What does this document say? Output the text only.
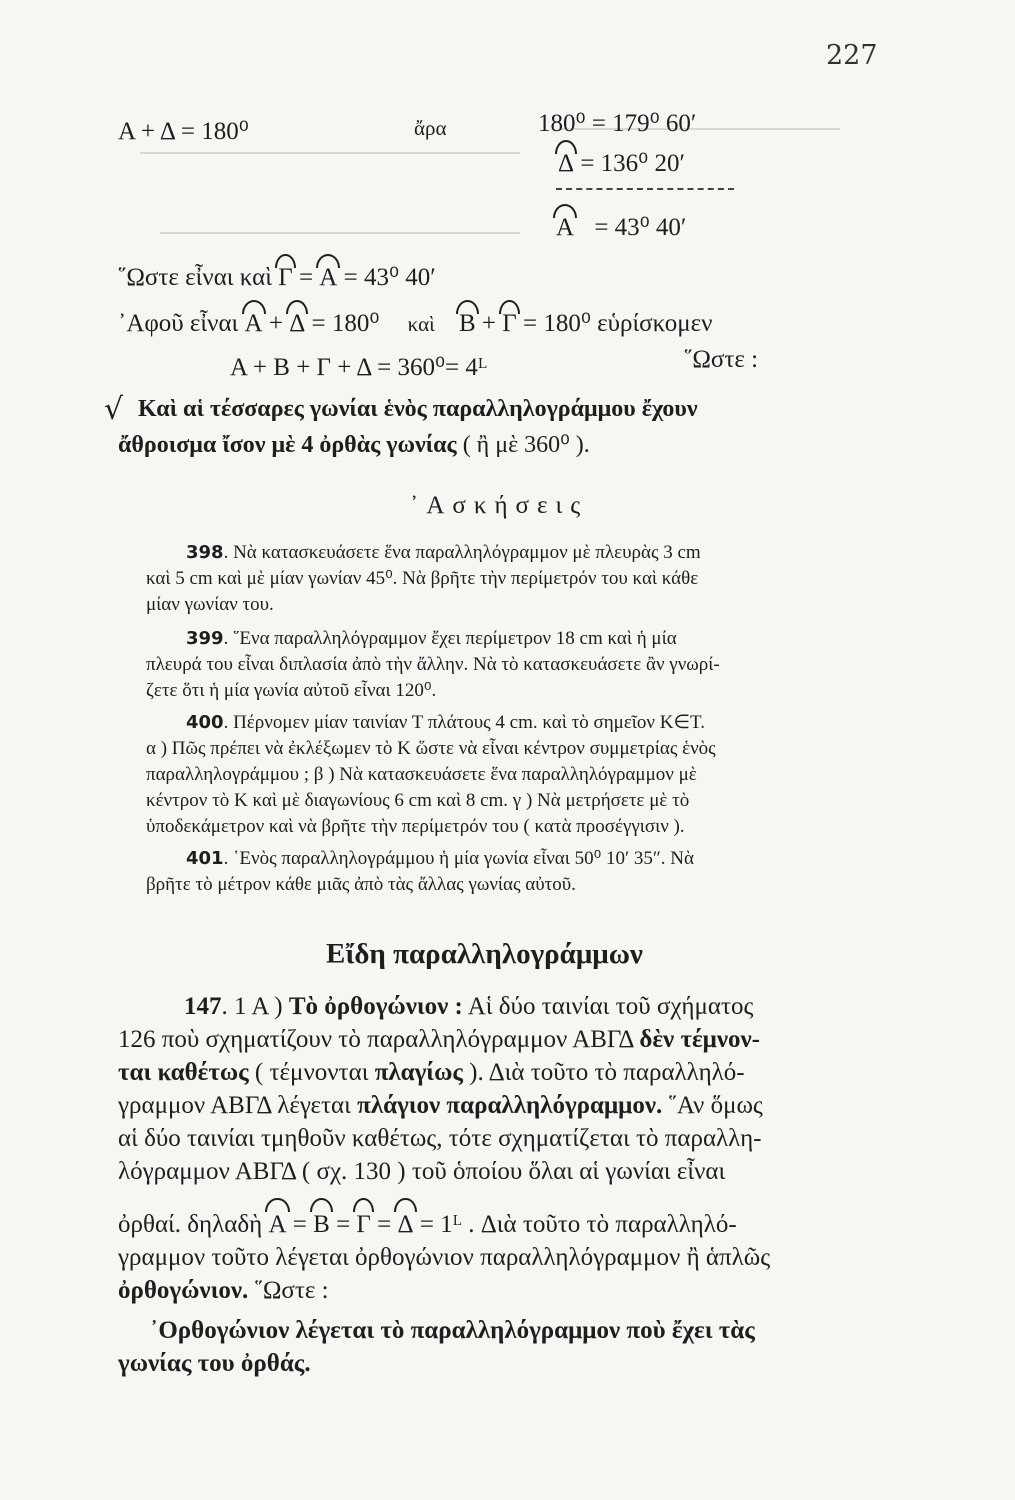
227
Α + Δ = 180⁰	ἄρα	180⁰ = 179⁰ 60′
Δ = 136⁰ 20′
Α = 43⁰ 40′
῞Ωστε εἶναι καὶ Γ = Α = 43⁰ 40′
᾿Αφοῦ εἶναι Α + Δ = 180⁰ καὶ Β + Γ = 180⁰ εὑρίσκομεν
Α + Β + Γ + Δ = 360⁰= 4ᴸ	῞Ωστε :
√ Καὶ αἱ τέσσαρες γωνίαι ἑνὸς παραλληλογράμμου ἔχουν
ἄθροισμα ἴσον μὲ 4 ὀρθὰς γωνίας ( ἢ μὲ 360⁰ ).
᾿Ασκήσεις
398. Νὰ κατασκευάσετε ἕνα παραλληλόγραμμον μὲ πλευρὰς 3 cm
καὶ 5 cm καὶ μὲ μίαν γωνίαν 45⁰. Νὰ βρῆτε τὴν περίμετρόν του καὶ κάθε
μίαν γωνίαν του.
399. ῞Ενα παραλληλόγραμμον ἔχει περίμετρον 18 cm καὶ ἡ μία
πλευρά του εἶναι διπλασία ἀπὸ τὴν ἄλλην. Νὰ τὸ κατασκευάσετε ἂν γνωρί-
ζετε ὅτι ἡ μία γωνία αὐτοῦ εἶναι 120⁰.
400. Πέρνομεν μίαν ταινίαν Τ πλάτους 4 cm. καὶ τὸ σημεῖον Κ∈Τ.
α ) Πῶς πρέπει νὰ ἐκλέξωμεν τὸ Κ ὥστε νὰ εἶναι κέντρον συμμετρίας ἑνὸς
παραλληλογράμμου ; β ) Νὰ κατασκευάσετε ἕνα παραλληλόγραμμον μὲ
κέντρον τὸ Κ καὶ μὲ διαγωνίους 6 cm καὶ 8 cm. γ ) Νὰ μετρήσετε μὲ τὸ
ὑποδεκάμετρον καὶ νὰ βρῆτε τὴν περίμετρόν του ( κατὰ προσέγγισιν ).
401. ῾Ενὸς παραλληλογράμμου ἡ μία γωνία εἶναι 50⁰ 10′ 35″. Νὰ
βρῆτε τὸ μέτρον κάθε μιᾶς ἀπὸ τὰς ἄλλας γωνίας αὐτοῦ.
Εἴδη παραλληλογράμμων
147. 1 Α ) Τὸ ὀρθογώνιον : Αἱ δύο ταινίαι τοῦ σχήματος
126 ποὺ σχηματίζουν τὸ παραλληλόγραμμον ΑΒΓΔ δὲν τέμνον-
ται καθέτως ( τέμνονται πλαγίως ). Διὰ τοῦτο τὸ παραλληλό-
γραμμον ΑΒΓΔ λέγεται πλάγιον παραλληλόγραμμον. ῞Αν ὅμως
αἱ δύο ταινίαι τμηθοῦν καθέτως, τότε σχηματίζεται τὸ παραλλη-
λόγραμμον ΑΒΓΔ ( σχ. 130 ) τοῦ ὁποίου ὅλαι αἱ γωνίαι εἶναι
ὀρθαί. δηλαδὴ Α = Β = Γ = Δ = 1ᴸ . Διὰ τοῦτο τὸ παραλληλό-
γραμμον τοῦτο λέγεται ὀρθογώνιον παραλληλόγραμμον ἢ ἁπλῶς
ὀρθογώνιον. ῞Ωστε :
᾿Ορθογώνιον λέγεται τὸ παραλληλόγραμμον ποὺ ἔχει τὰς
γωνίας του ὀρθάς.
